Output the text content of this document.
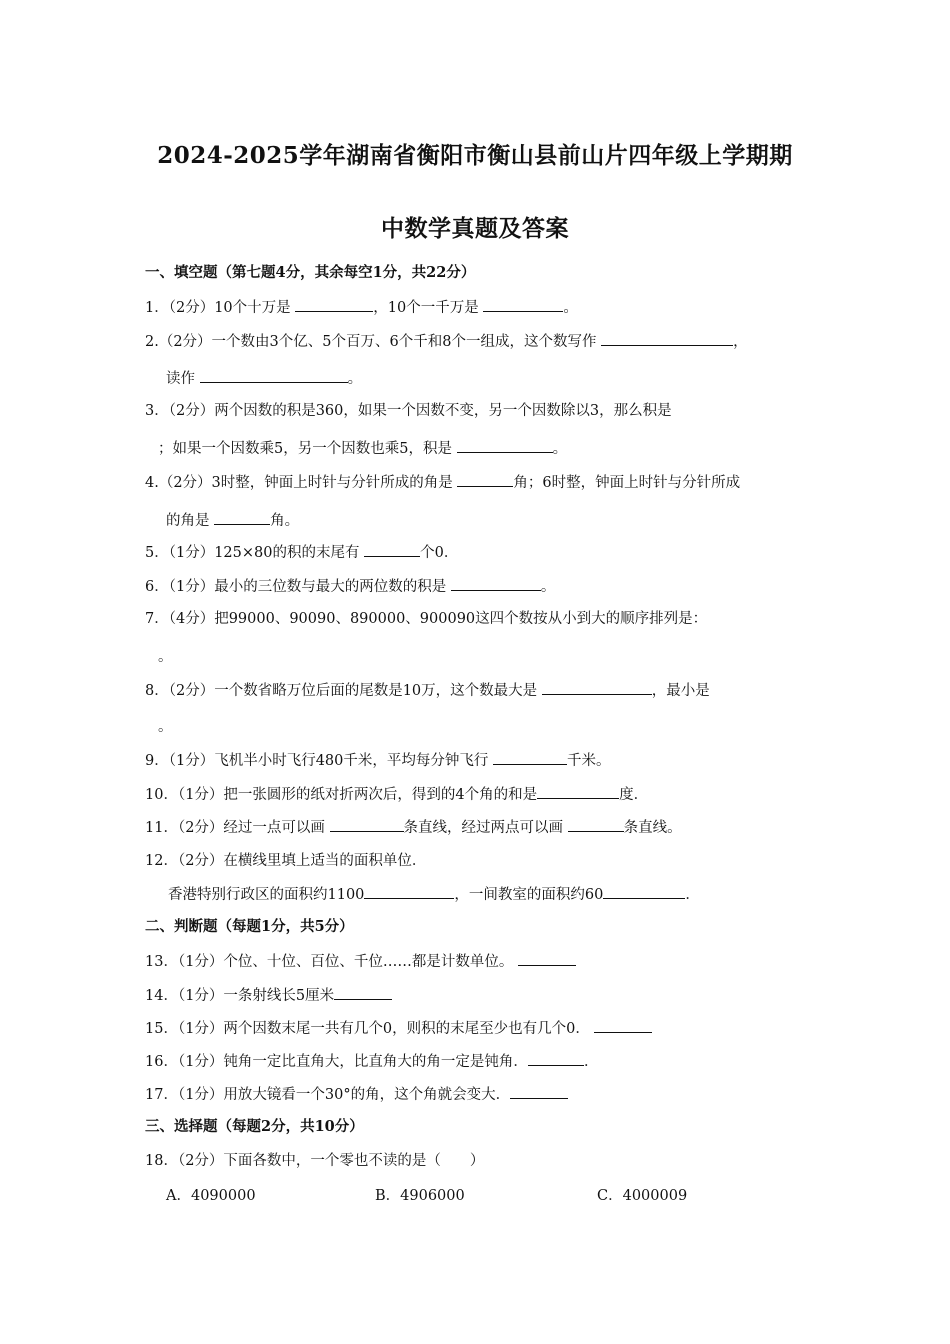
2024-2025学年湖南省衡阳市衡山县前山片四年级上学期期
中数学真题及答案
一、填空题（第七题4分，其余每空1分，共22分）
1．（2分）10个十万是	，10个一千万是	。
2.（2分）一个数由3个亿、5个百万、6个千和8个一组成，这个数写作	，
读作	。
3．（2分）两个因数的积是360，如果一个因数不变，另一个因数除以3，那么积是
；如果一个因数乘5，另一个因数也乘5，积是	。
4.（2分）3时整，钟面上时针与分针所成的角是	角；6时整，钟面上时针与分针所成
的角是	角。
5．（1分）125×80的积的末尾有	个0．
6．（1分）最小的三位数与最大的两位数的积是	。
7．（4分）把99000、90090、890000、900090这四个数按从小到大的顺序排列是：
。
8．（2分）一个数省略万位后面的尾数是10万，这个数最大是	，最小是
。
9．（1分）飞机半小时飞行480千米，平均每分钟飞行	千米。
10．（1分）把一张圆形的纸对折两次后，得到的4个角的和是	度．
11．（2分）经过一点可以画	条直线，经过两点可以画	条直线。
12．（2分）在横线里填上适当的面积单位．
香港特别行政区的面积约1100	，一间教室的面积约60	．
二、判断题（每题1分，共5分）
13．（1分）个位、十位、百位、千位……都是计数单位。
14．（1分）一条射线长5厘米
15．（1分）两个因数末尾一共有几个0，则积的末尾至少也有几个0．
16．（1分）钝角一定比直角大，比直角大的角一定是钝角．	．
17．（1分）用放大镜看一个30°的角，这个角就会变大．
三、选择题（每题2分，共10分）
18．（2分）下面各数中，一个零也不读的是（　　）
A．4090000	B．4906000	C．4000009
